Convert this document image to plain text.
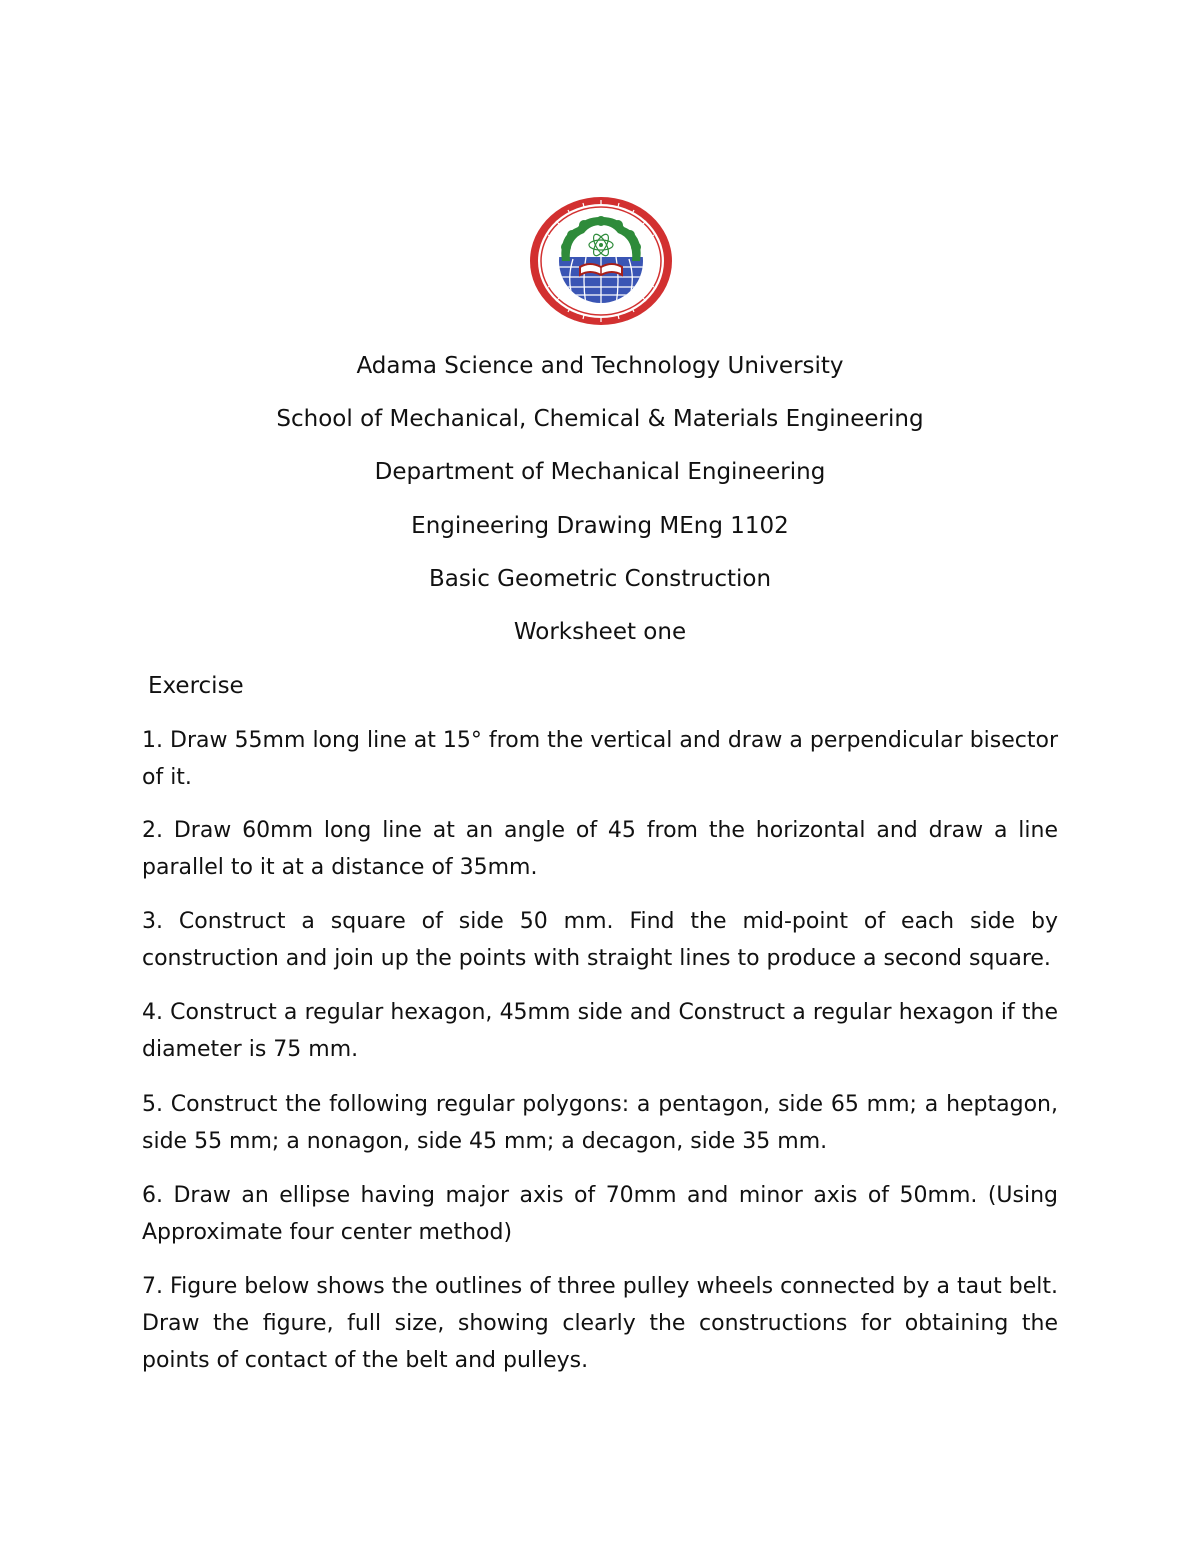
Adama Science and Technology University
School of Mechanical, Chemical & Materials Engineering
Department of Mechanical Engineering
Engineering Drawing MEng 1102
Basic Geometric Construction
Worksheet one
Exercise
1. Draw 55mm long line at 15° from the vertical and draw a perpendicular bisector of it.
2. Draw 60mm long line at an angle of 45 from the horizontal and draw a line parallel to it at a distance of 35mm.
3. Construct a square of side 50 mm. Find the mid-point of each side by construction and join up the points with straight lines to produce a second square.
4. Construct a regular hexagon, 45mm side and Construct a regular hexagon if the diameter is 75 mm.
5. Construct the following regular polygons: a pentagon, side 65 mm; a heptagon, side 55 mm; a nonagon, side 45 mm; a decagon, side 35 mm.
6. Draw an ellipse having major axis of 70mm and minor axis of 50mm. (Using Approximate four center method)
7. Figure below shows the outlines of three pulley wheels connected by a taut belt. Draw the figure, full size, showing clearly the constructions for obtaining the points of contact of the belt and pulleys.
